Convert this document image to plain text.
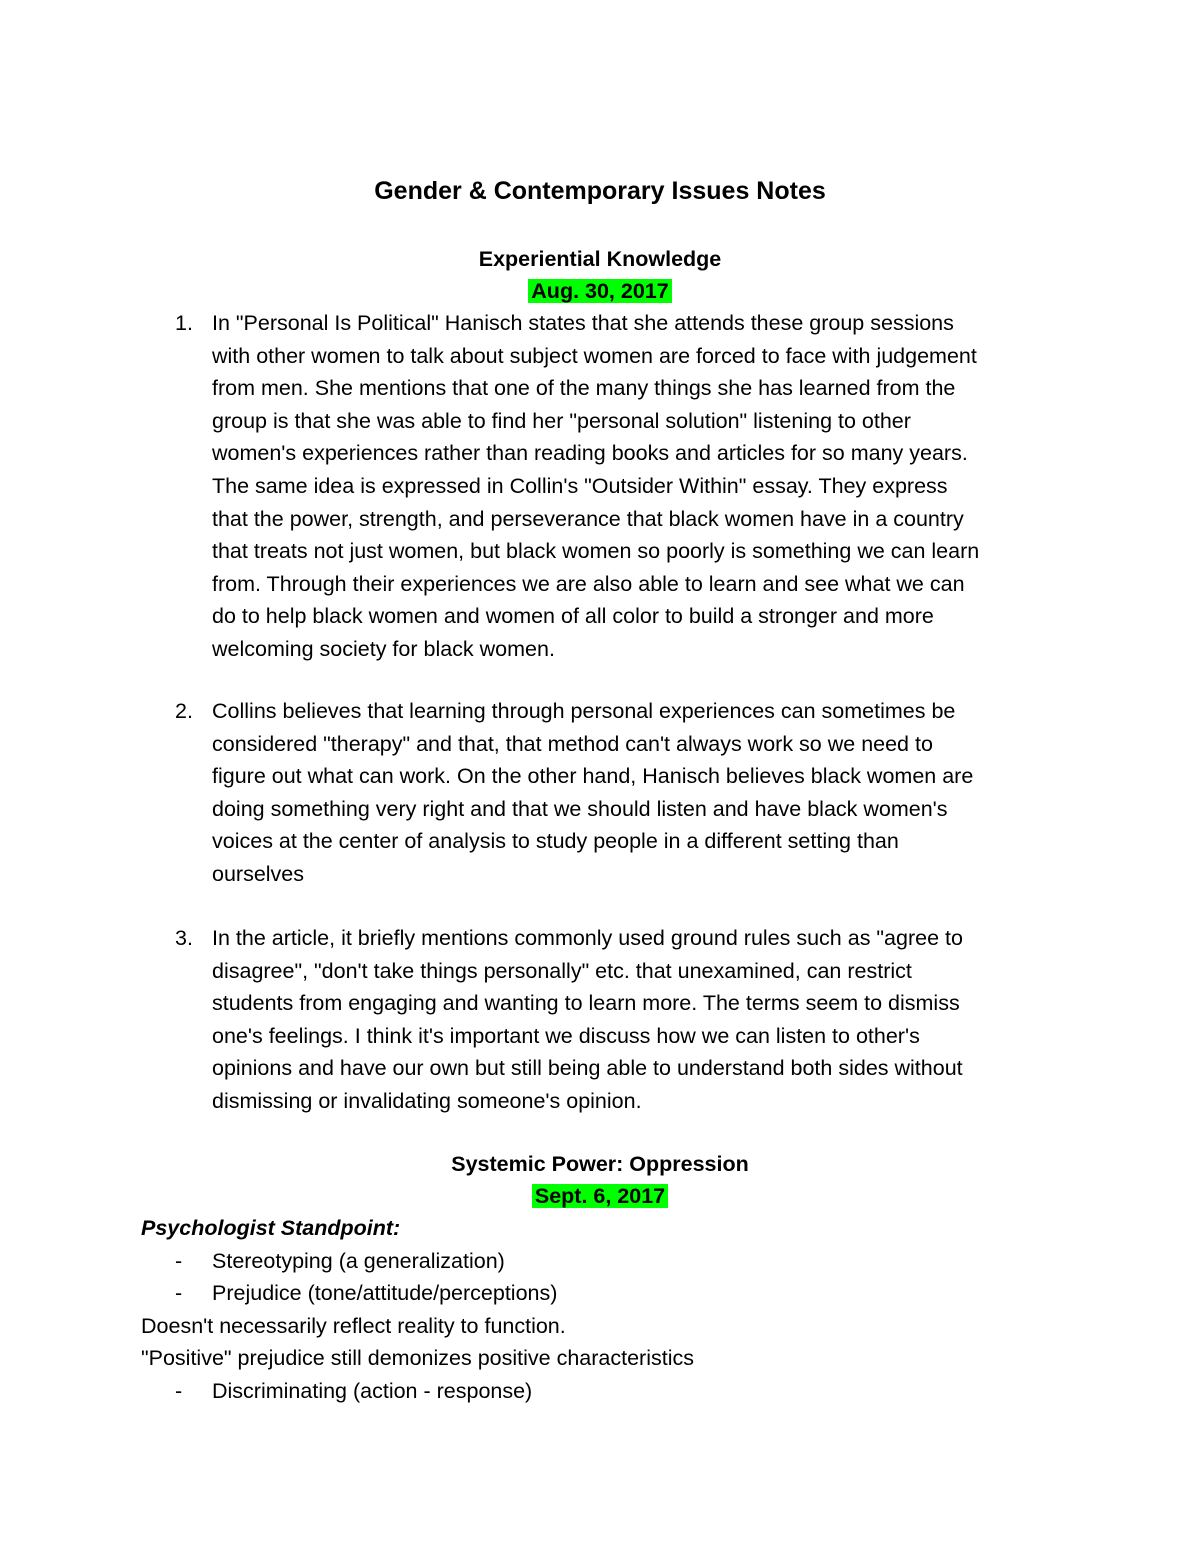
Gender & Contemporary Issues Notes
Experiential Knowledge
Aug. 30, 2017
1. In "Personal Is Political" Hanisch states that she attends these group sessions
with other women to talk about subject women are forced to face with judgement
from men. She mentions that one of the many things she has learned from the
group is that she was able to find her "personal solution" listening to other
women's experiences rather than reading books and articles for so many years.
The same idea is expressed in Collin's "Outsider Within" essay. They express
that the power, strength, and perseverance that black women have in a country
that treats not just women, but black women so poorly is something we can learn
from. Through their experiences we are also able to learn and see what we can
do to help black women and women of all color to build a stronger and more
welcoming society for black women.
2. Collins believes that learning through personal experiences can sometimes be
considered "therapy" and that, that method can't always work so we need to
figure out what can work. On the other hand, Hanisch believes black women are
doing something very right and that we should listen and have black women's
voices at the center of analysis to study people in a different setting than
ourselves
3. In the article, it briefly mentions commonly used ground rules such as "agree to
disagree", "don't take things personally" etc. that unexamined, can restrict
students from engaging and wanting to learn more. The terms seem to dismiss
one's feelings. I think it's important we discuss how we can listen to other's
opinions and have our own but still being able to understand both sides without
dismissing or invalidating someone's opinion.
Systemic Power: Oppression
Sept. 6, 2017
Psychologist Standpoint:
- Stereotyping (a generalization)
- Prejudice (tone/attitude/perceptions)
Doesn't necessarily reflect reality to function.
"Positive" prejudice still demonizes positive characteristics
- Discriminating (action - response)
